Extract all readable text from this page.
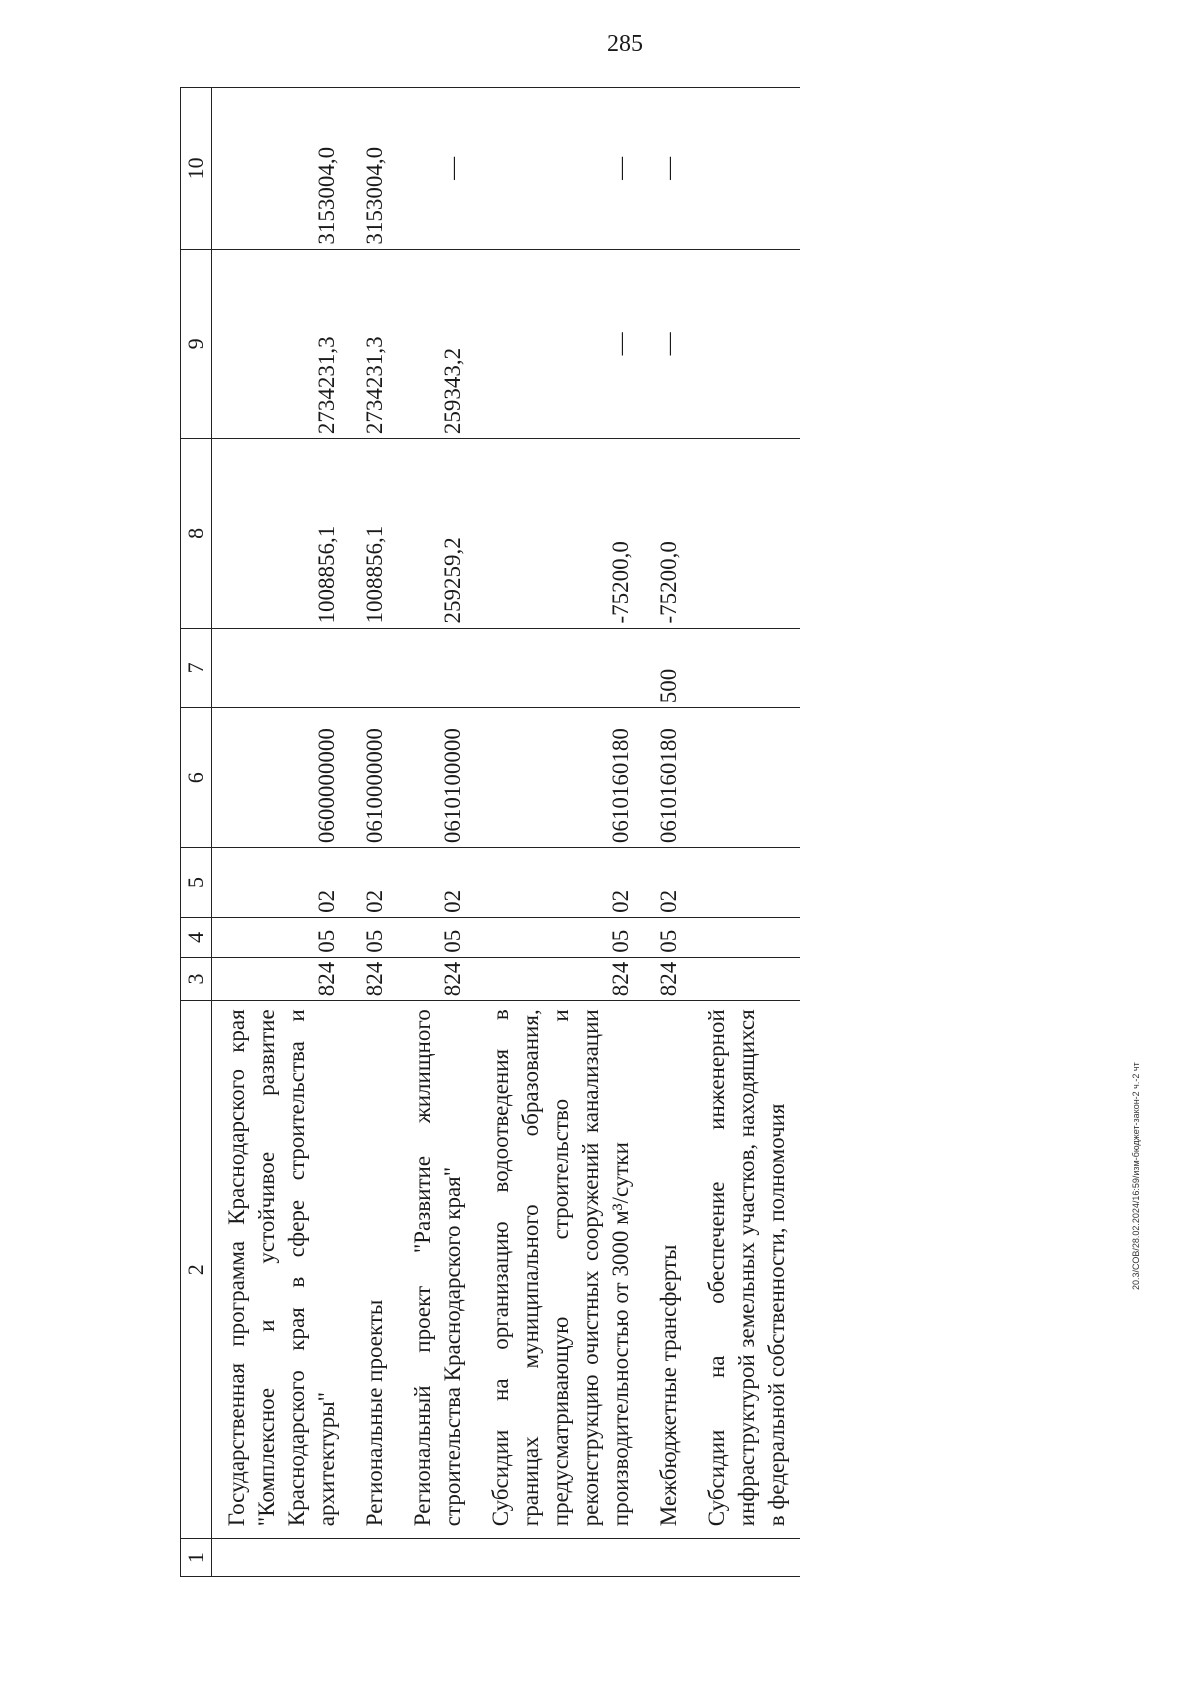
285
20.3/СОВ/28.02.2024/16:59/изм-бюджет-закон-2 ч.-2 чт
1	2	3	4	5	6	7	8	9	10
	Государственная программа Краснодарского края "Комплексное и устойчивое развитие Краснодарского края в сфере строительства и архитектуры"	824	05	02	0600000000		1008856,1	2734231,3	3153004,0
	Региональные проекты	824	05	02	0610000000		1008856,1	2734231,3	3153004,0
	Региональный проект "Развитие жилищного строительства Краснодарского края"	824	05	02	0610100000		259259,2	259343,2	—
	Субсидии на организацию водоотведения в границах муниципального образования, предусматривающую строительство и реконструкцию очистных сооружений канализации производительностью от 3000 м³/сутки	824	05	02	0610160180		-75200,0	—	—
	Межбюджетные трансферты	824	05	02	0610160180	500	-75200,0	—	—
	Субсидии на обеспечение инженерной инфраструктурой земельных участков, находящихся в федеральной собственности, полномочия								
